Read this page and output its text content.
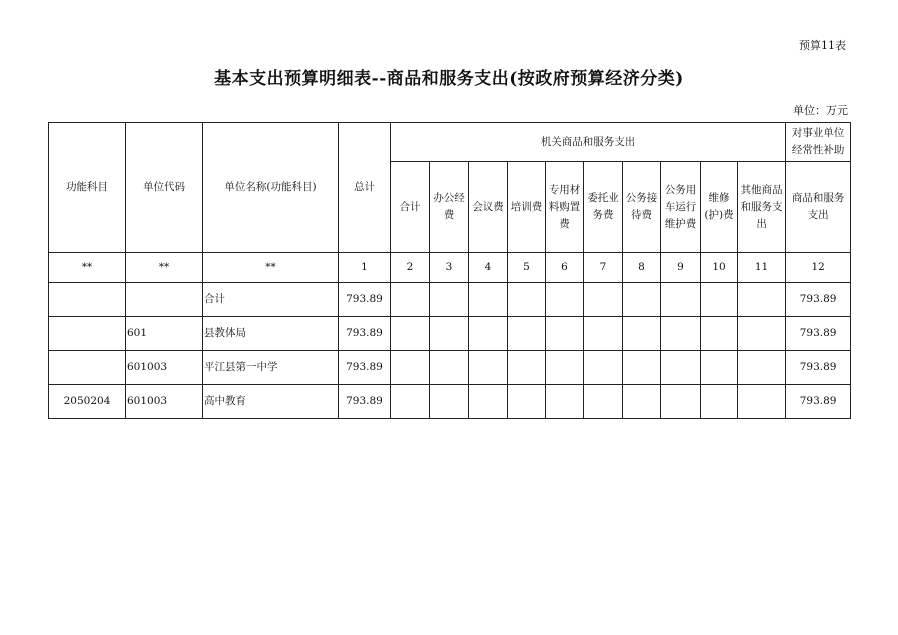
预算11表
基本支出预算明细表--商品和服务支出(按政府预算经济分类)
单位：万元
功能科目	单位代码	单位名称(功能科目)	总计	机关商品和服务支出										对事业单位经常性补助
				合计	办公经费	会议费	培训费	专用材料购置费	委托业务费	公务接待费	公务用车运行维护费	维修(护)费	其他商品和服务支出	商品和服务支出
**	**	**	1	2	3	4	5	6	7	8	9	10	11	12
		合计	793.89											793.89
	601	县教体局	793.89											793.89
	601003	平江县第一中学	793.89											793.89
2050204	601003	高中教育	793.89											793.89
